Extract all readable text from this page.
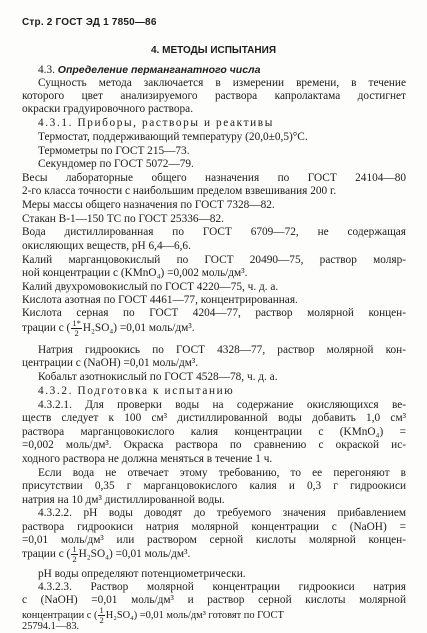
Стр. 2 ГОСТ ЭД 1 7850—86
4. МЕТОДЫ ИСПЫТАНИЯ
4.3. Определение перманганатного числа
Сущность метода заключается в измерении времени, в течение
которого цвет анализируемого раствора капролактама достигнет
окраски градуировочного раствора.
4.3.1. Приборы, растворы и реактивы
Термостат, поддерживающий температуру (20,0±0,5)°С.
Термометры по ГОСТ 215—73.
Секундомер по ГОСТ 5072—79.
Весы лабораторные общего назначения по ГОСТ 24104—80
2-го класса точности с наибольшим пределом взвешивания 200 г.
Меры массы общего назначения по ГОСТ 7328—82.
Стакан В-1—150 ТС по ГОСТ 25336—82.
Вода дистиллированная по ГОСТ 6709—72, не содержащая
окисляющих веществ, рН 6,4—6,6.
Калий марганцовокислый по ГОСТ 20490—75, раствор моляр-
ной концентрации с (KMnO₄) =0,002 моль/дм³.
Калий двухромовокислый по ГОСТ 4220—75, ч. д. а.
Кислота азотная по ГОСТ 4461—77, концентрированная.
Кислота серная по ГОСТ 4204—77, раствор молярной концен-
трации с ( $\frac{1*}{2} H_2SO_4) =0,01$ моль/дм³.
Натрия гидроокись по ГОСТ 4328—77, раствор молярной кон-
центрации с (NaOH) =0,01 моль/дм³.
Кобальт азотнокислый по ГОСТ 4528—78, ч. д. а.
4.3.2. Подготовка к испытанию
4.3.2.1. Для проверки воды на содержание окисляющихся ве-
ществ следует к 100 см³ дистиллированной воды добавить 1,0 см³
раствора марганцовокислого калия концентрации с (KMnO₄) =
=0,002 моль/дм³. Окраска раствора по сравнению с окраской ис-
ходного раствора не должна меняться в течение 1 ч.
Если вода не отвечает этому требованию, то ее перегоняют в
присутствии 0,35 г марганцовокислого калия и 0,3 г гидроокиси
натрия на 10 дм³ дистиллированной воды.
4.3.2.2. рН воды доводят до требуемого значения прибавлением
раствора гидроокиси натрия молярной концентрации с (NaOH) =
=0,01 моль/дм³ или раствором серной кислоты молярной концен-
трации с ( $\frac{1}{2} H_2SO_4) =0,01$ моль/дм³.
рН воды определяют потенциометрически.
4.3.2.3. Раствор молярной концентрации гидроокиси натрия
с (NaOH) =0,01 моль/дм³ и раствор серной кислоты молярной
концентрации с ( $\frac{1}{2} H_2SO_4) =0,01$ моль/дм³ готовят по ГОСТ
25794.1—83.
